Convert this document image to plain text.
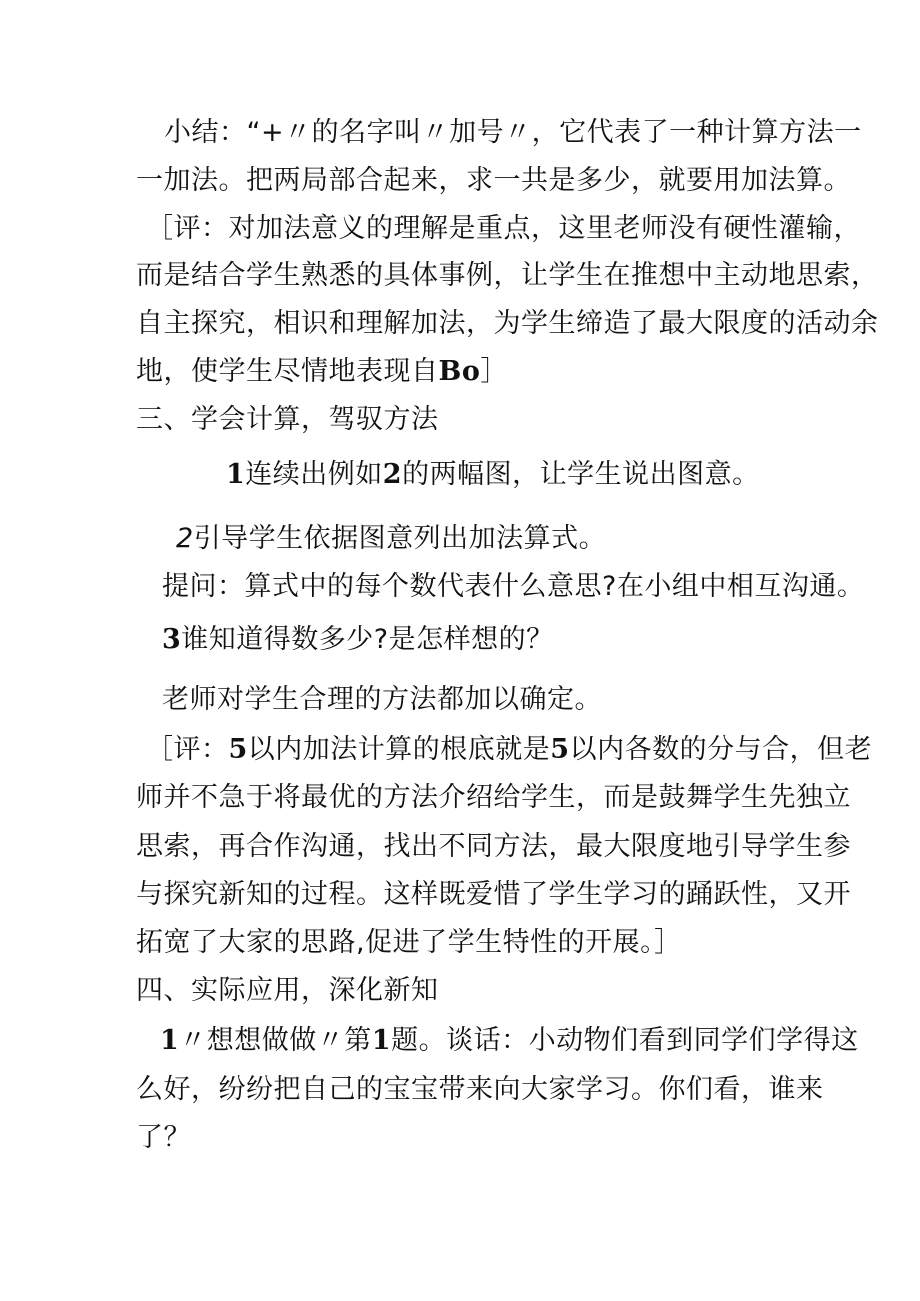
小结：“+〃的名字叫〃加号〃，它代表了一种计算方法一
一加法。把两局部合起来，求一共是多少，就要用加法算。
［评：对加法意义的理解是重点，这里老师没有硬性灌输，
而是结合学生熟悉的具体事例，让学生在推想中主动地思索，
自主探究，相识和理解加法，为学生缔造了最大限度的活动余
地，使学生尽情地表现自Bo］
三、学会计算，驾驭方法
1连续出例如2的两幅图，让学生说出图意。
2引导学生依据图意列出加法算式。
提问：算式中的每个数代表什么意思?在小组中相互沟通。
3谁知道得数多少?是怎样想的？
老师对学生合理的方法都加以确定。
［评：5以内加法计算的根底就是5以内各数的分与合，但老
师并不急于将最优的方法介绍给学生，而是鼓舞学生先独立
思索，再合作沟通，找出不同方法，最大限度地引导学生参
与探究新知的过程。这样既爱惜了学生学习的踊跃性，又开
拓宽了大家的思路,促进了学生特性的开展。］
四、实际应用，深化新知
1〃想想做做〃第1题。谈话：小动物们看到同学们学得这
么好，纷纷把自己的宝宝带来向大家学习。你们看，谁来
了？
